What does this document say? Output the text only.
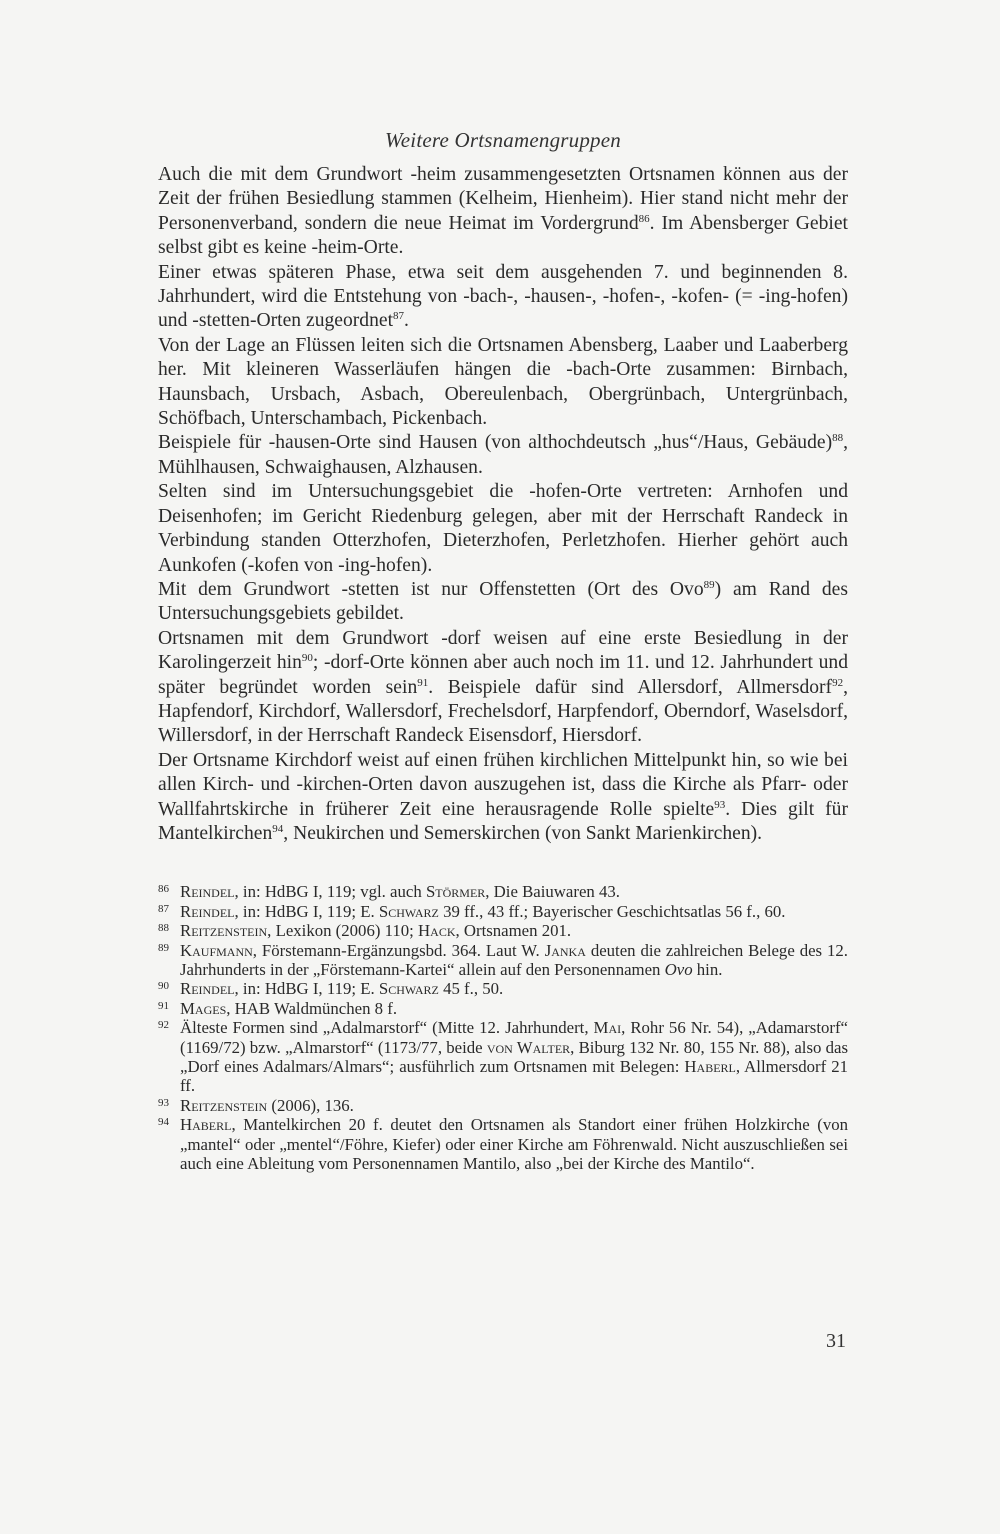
Weitere Ortsnamengruppen

Auch die mit dem Grundwort -heim zusammengesetzten Ortsnamen können aus der Zeit der frühen Besiedlung stammen (Kelheim, Hienheim). Hier stand nicht mehr der Personenverband, sondern die neue Heimat im Vordergrund$^{86}$. Im Abensberger Gebiet selbst gibt es keine -heim-Orte.

Einer etwas späteren Phase, etwa seit dem ausgehenden 7. und beginnenden 8. Jahrhundert, wird die Entstehung von -bach-, -hausen-, -hofen-, -kofen- (= -ing-hofen) und -stetten-Orten zugeordnet$^{87}$.

Von der Lage an Flüssen leiten sich die Ortsnamen Abensberg, Laaber und Laaberberg her. Mit kleineren Wasserläufen hängen die -bach-Orte zusammen: Birnbach, Haunsbach, Ursbach, Asbach, Obereulenbach, Obergrünbach, Untergrünbach, Schöfbach, Unterschambach, Pickenbach.

Beispiele für -hausen-Orte sind Hausen (von althochdeutsch „hus“/Haus, Gebäude)$^{88}$, Mühlhausen, Schwaighausen, Alzhausen.

Selten sind im Untersuchungsgebiet die -hofen-Orte vertreten: Arnhofen und Deisenhofen; im Gericht Riedenburg gelegen, aber mit der Herrschaft Randeck in Verbindung standen Otterzhofen, Dieterzhofen, Perletzhofen. Hierher gehört auch Aunkofen (-kofen von -ing-hofen).

Mit dem Grundwort -stetten ist nur Offenstetten (Ort des Ovo$^{89}$) am Rand des Untersuchungsgebiets gebildet.

Ortsnamen mit dem Grundwort -dorf weisen auf eine erste Besiedlung in der Karolingerzeit hin$^{90}$; -dorf-Orte können aber auch noch im 11. und 12. Jahrhundert und später begründet worden sein$^{91}$. Beispiele dafür sind Allersdorf, Allmersdorf$^{92}$, Hapfendorf, Kirchdorf, Wallersdorf, Frechelsdorf, Harpfendorf, Oberndorf, Waselsdorf, Willersdorf, in der Herrschaft Randeck Eisensdorf, Hiersdorf.

Der Ortsname Kirchdorf weist auf einen frühen kirchlichen Mittelpunkt hin, so wie bei allen Kirch- und -kirchen-Orten davon auszugehen ist, dass die Kirche als Pfarr- oder Wallfahrtskirche in früherer Zeit eine herausragende Rolle spielte$^{93}$. Dies gilt für Mantelkirchen$^{94}$, Neukirchen und Semerskirchen (von Sankt Marienkirchen).

86 Reindel, in: HdBG I, 119; vgl. auch Störmer, Die Baiuwaren 43.

87 Reindel, in: HdBG I, 119; E. Schwarz 39 ff., 43 ff.; Bayerischer Geschichtsatlas 56 f., 60.

88 Reitzenstein, Lexikon (2006) 110; Hack, Ortsnamen 201.

89 Kaufmann, Förstemann-Ergänzungsbd. 364. Laut W. Janka deuten die zahlreichen Belege des 12. Jahrhunderts in der „Förstemann-Kartei“ allein auf den Personennamen Ovo hin.

90 Reindel, in: HdBG I, 119; E. Schwarz 45 f., 50.

91 Mages, HAB Waldmünchen 8 f.

92 Älteste Formen sind „Adalmarstorf“ (Mitte 12. Jahrhundert, Mai, Rohr 56 Nr. 54), „Adamarstorf“ (1169/72) bzw. „Almarstorf“ (1173/77, beide von Walter, Biburg 132 Nr. 80, 155 Nr. 88), also das „Dorf eines Adalmars/Almars“; ausführlich zum Ortsnamen mit Belegen: Haberl, Allmersdorf 21 ff.

93 Reitzenstein (2006), 136.

94 Haberl, Mantelkirchen 20 f. deutet den Ortsnamen als Standort einer frühen Holzkirche (von „mantel“ oder „mentel“/Föhre, Kiefer) oder einer Kirche am Föhrenwald. Nicht auszuschließen sei auch eine Ableitung vom Personennamen Mantilo, also „bei der Kirche des Mantilo“.

31
